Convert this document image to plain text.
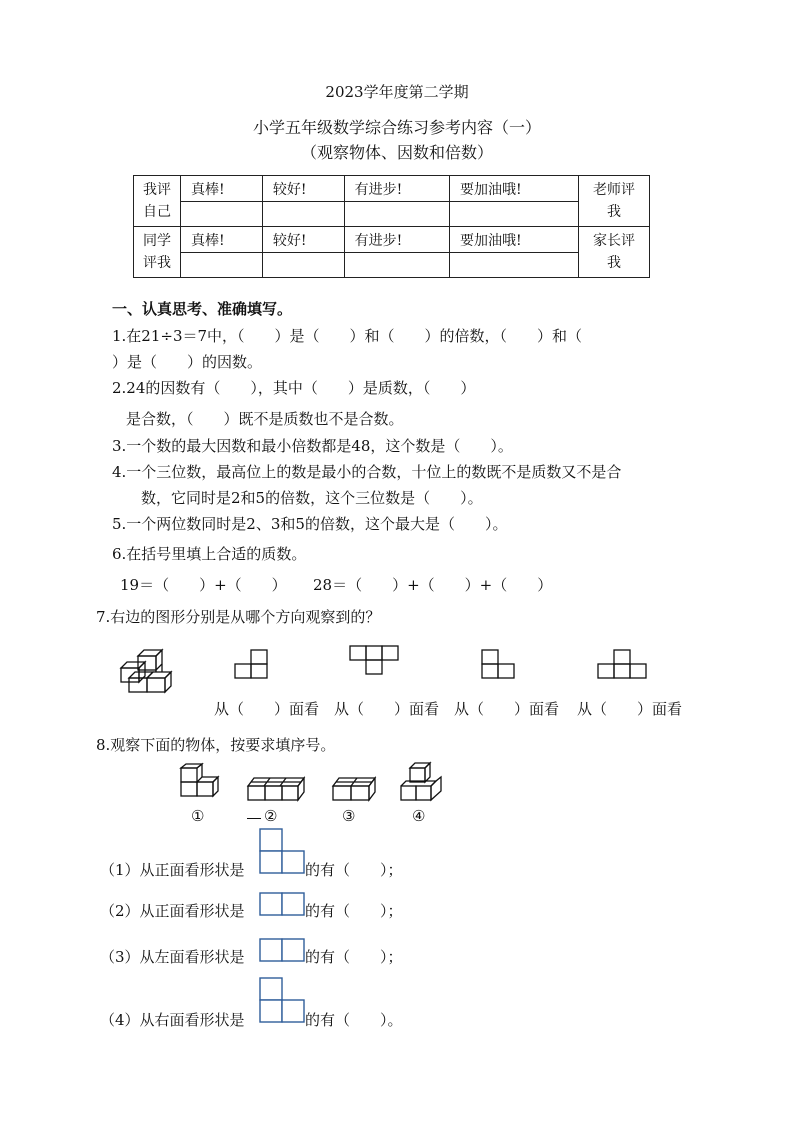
2023学年度第二学期
小学五年级数学综合练习参考内容（一）
（观察物体、因数和倍数）
我评
自己	真棒!	较好!	有进步!	要加油哦!	老师评
我

同学
评我	真棒!	较好!	有进步!	要加油哦!	家长评
我

一、认真思考、准确填写。
1.在21÷3＝7中，（　　）是（　　）和（　　）的倍数，（　　）和（
）是（　　）的因数。
2.24的因数有（　　），其中（　　）是质数，（　　）
是合数，（　　）既不是质数也不是合数。
3.一个数的最大因数和最小倍数都是48，这个数是（　　）。
4.一个三位数，最高位上的数是最小的合数，十位上的数既不是质数又不是合
数，它同时是2和5的倍数，这个三位数是（　　）。
5.一个两位数同时是2、3和5的倍数，这个最大是（　　）。
6.在括号里填上合适的质数。
19＝（　　）+（　　） 28＝（　　）+（　　）+（　　）
7.右边的图形分别是从哪个方向观察到的？
从（　　）面看 从（　　）面看 从（　　）面看 从（　　）面看
8.观察下面的物体，按要求填序号。
①	②	③	④
（1）从正面看形状是	的有（　　）；
（2）从正面看形状是	的有（　　）；
（3）从左面看形状是	的有（　　）；
（4）从右面看形状是	的有（　　）。
